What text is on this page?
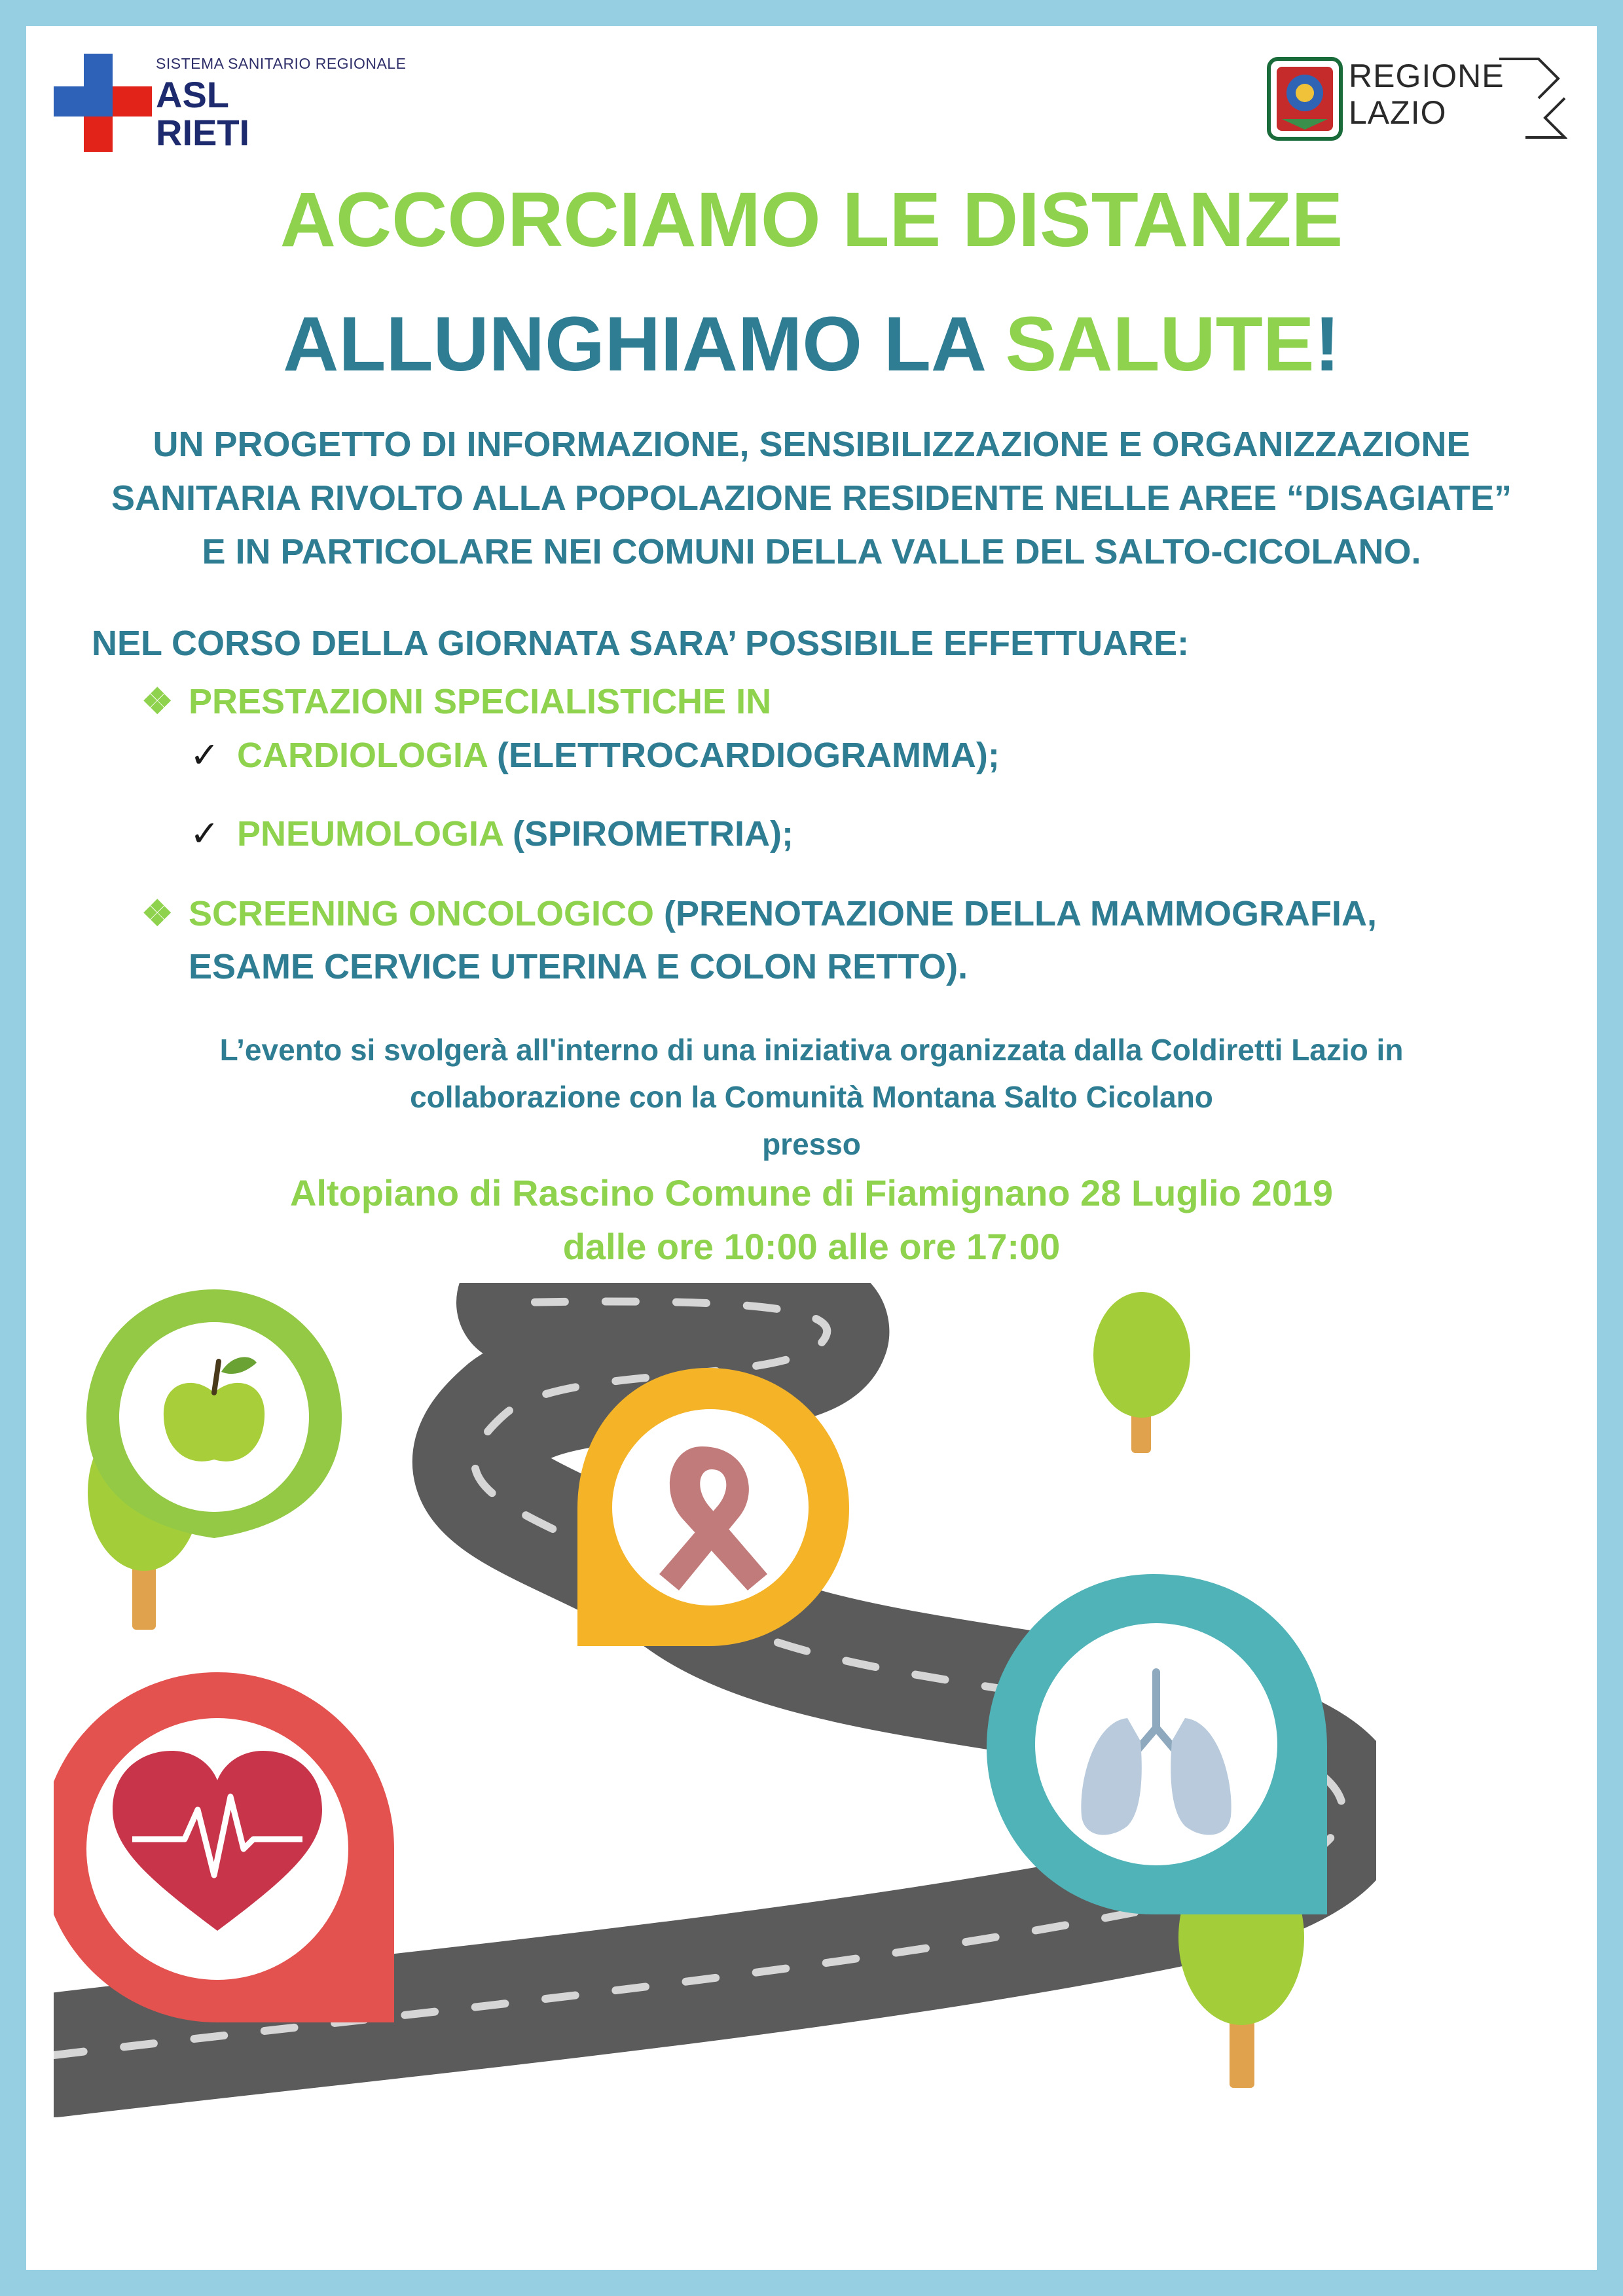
SISTEMA SANITARIO REGIONALE
ASL
RIETI
REGIONE
LAZIO
ACCORCIAMO LE DISTANZE
ALLUNGHIAMO LA SALUTE!
UN PROGETTO DI INFORMAZIONE, SENSIBILIZZAZIONE E ORGANIZZAZIONE
SANITARIA RIVOLTO ALLA POPOLAZIONE RESIDENTE NELLE AREE “DISAGIATE”
E IN PARTICOLARE NEI COMUNI DELLA VALLE DEL SALTO-CICOLANO.
NEL CORSO DELLA GIORNATA SARA’ POSSIBILE EFFETTUARE:
❖ PRESTAZIONI SPECIALISTICHE IN
✓ CARDIOLOGIA (ELETTROCARDIOGRAMMA);
✓ PNEUMOLOGIA (SPIROMETRIA);
❖ SCREENING ONCOLOGICO (PRENOTAZIONE DELLA MAMMOGRAFIA,
ESAME CERVICE UTERINA E COLON RETTO).
L’evento si svolgerà all'interno di una iniziativa organizzata dalla Coldiretti Lazio in
collaborazione con la Comunità Montana Salto Cicolano
presso
Altopiano di Rascino Comune di Fiamignano 28 Luglio 2019
dalle ore 10:00 alle ore 17:00
